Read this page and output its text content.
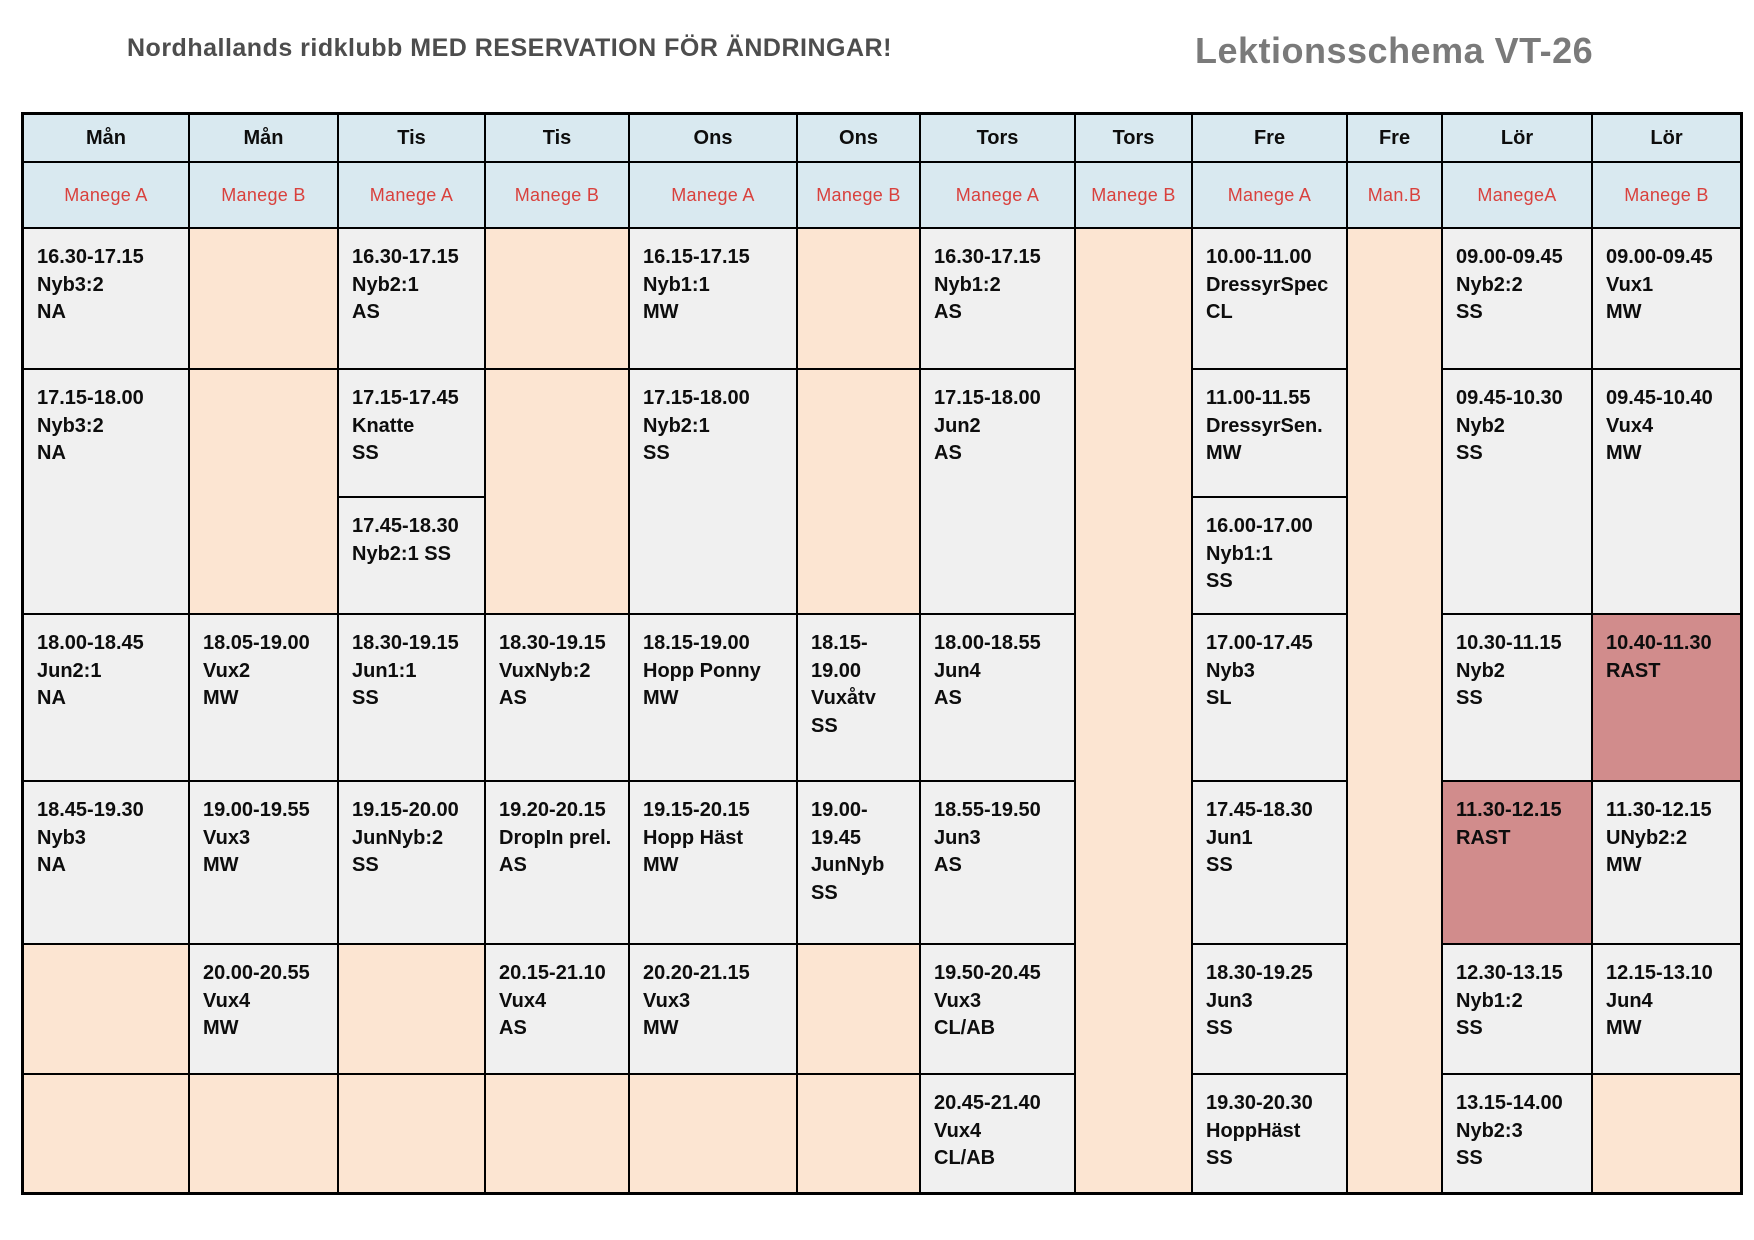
Nordhallands ridklubb MED RESERVATION FÖR ÄNDRINGAR!	Lektionsschema VT-26
Mån
Manege A
16.30-17.15
Nyb3:2
NA
17.15-18.00
Nyb3:2
NA
18.00-18.45
Jun2:1
NA
18.45-19.30
Nyb3
NA
Mån
Manege B
18.05-19.00
Vux2
MW
19.00-19.55
Vux3
MW
20.00-20.55
Vux4
MW
Tis
Manege A
16.30-17.15
Nyb2:1
AS
17.15-17.45
Knatte
SS
17.45-18.30
Nyb2:1 SS
18.30-19.15
Jun1:1
SS
19.15-20.00
JunNyb:2
SS
Tis
Manege B
18.30-19.15
VuxNyb:2
AS
19.20-20.15
DropIn prel.
AS
20.15-21.10
Vux4
AS
Ons
Manege A
16.15-17.15
Nyb1:1
MW
17.15-18.00
Nyb2:1
SS
18.15-19.00
Hopp Ponny
MW
19.15-20.15
Hopp Häst
MW
20.20-21.15
Vux3
MW
Ons
Manege B
18.15-
19.00
Vuxåtv
SS
19.00-
19.45
JunNyb
SS
Tors
Manege A
16.30-17.15
Nyb1:2
AS
17.15-18.00
Jun2
AS
18.00-18.55
Jun4
AS
18.55-19.50
Jun3
AS
19.50-20.45
Vux3
CL/AB
20.45-21.40
Vux4
CL/AB
Tors
Manege B
Fre
Manege A
10.00-11.00
DressyrSpec
CL
11.00-11.55
DressyrSen.
MW
16.00-17.00
Nyb1:1
SS
17.00-17.45
Nyb3
SL
17.45-18.30
Jun1
SS
18.30-19.25
Jun3
SS
19.30-20.30
HoppHäst
SS
Fre
Man.B
Lör
ManegeA
09.00-09.45
Nyb2:2
SS
09.45-10.30
Nyb2
SS
10.30-11.15
Nyb2
SS
11.30-12.15
RAST
12.30-13.15
Nyb1:2
SS
13.15-14.00
Nyb2:3
SS
Lör
Manege B
09.00-09.45
Vux1
MW
09.45-10.40
Vux4
MW
10.40-11.30
RAST
11.30-12.15
UNyb2:2
MW
12.15-13.10
Jun4
MW
